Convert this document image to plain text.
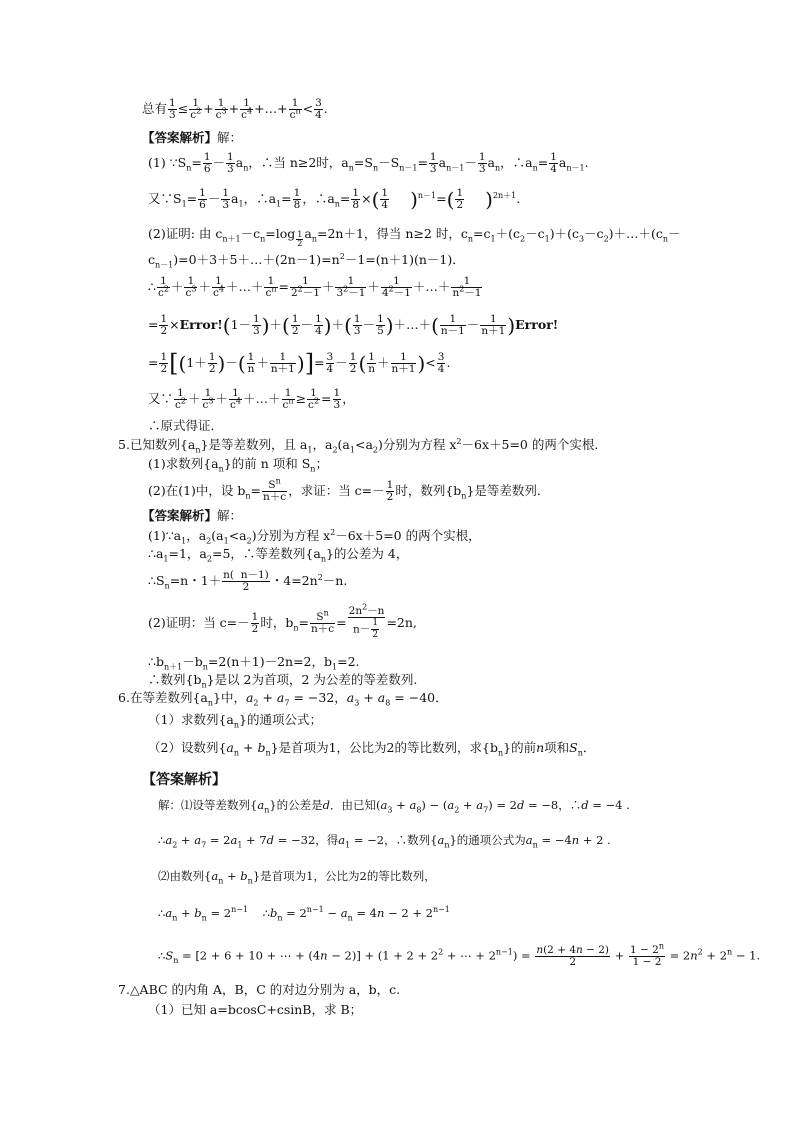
总有 $\frac{1}{3} \le \frac{1}{c^2} + \frac{1}{c^3} + \frac{1}{c^4}$ +…+ $\frac{1}{c^n} < \frac{3}{4}$ .
【答案解析】解：
(1) $\because S_n= \frac{1}{6} - \frac{1}{3} a_n$，∴当 n≥2时，$a_n=S_n-S_{n-1}= \frac{1}{3} a_{n-1}- \frac{1}{3} a_n$，$\therefore a_n= \frac{1}{4} a_{n-1}$.
又$\because S_1= \frac{1}{6} - \frac{1}{3} a_1$，$\therefore a_1= \frac{1}{8}$ ，$\therefore a_n= \frac{1}{8}$ ×( $\frac{1}{4} )^{n-1}=( \frac{1}{2} )^{2n+1}$.
(2)证明: 由 $c_{n+1}-c_n=\log$ $_{\frac{1}{2}}$ $a_n=2n+1$，得当 n≥2 时，$c_n=c_1+(c_2-c_1)+(c_3-c_2)+\dots+(c_n-$
$c_{n-1})=0+3+5+\dots+(2n-1)=n^2-1=(n+1)(n-1)$．
∴ $\frac{1}{c^2} + \frac{1}{c^3} + \frac{1}{c^4}$ ＋…＋ $\frac{1}{c^n} = \frac{1}{2^2-1} + \frac{1}{3^2-1} + \frac{1}{4^2-1}$ ＋…＋ $\frac{1}{n^2-1}$
= $\frac{1}{2}$ ×Error!(1－ $\frac{1}{3}$ )＋( $\frac{1}{2} - \frac{1}{4}$ )＋( $\frac{1}{3} - \frac{1}{5}$ )＋…＋( $\frac{1}{n-1} - \frac{1}{n+1}$ )Error!
= $\frac{1}{2} [(1+ \frac{1}{2}$ )－( $\frac{1}{n} + \frac{1}{n+1}$ )]= $\frac{3}{4} - \frac{1}{2}$ ( $\frac{1}{n} + \frac{1}{n+1}$ )< $\frac{3}{4}$ .
又∵ $\frac{1}{c^2} + \frac{1}{c^3} + \frac{1}{c^4}$ ＋…＋ $\frac{1}{c^n} \ge \frac{1}{c^2} = \frac{1}{3}$ ，
∴原式得证．
5.已知数列$\{a_n\}$是等差数列，且 $a_1$，$a_2(a_1<a_2)$分别为方程 $x^2-6x+5=0$ 的两个实根．
(1)求数列$\{a_n\}$的前 n 项和 $S_n$；
(2)在(1)中，设 $b_n= \frac{S^n}{n+c}$ ，求证：当 $c=- \frac{1}{2}$ 时，数列$\{b_n\}$是等差数列．
【答案解析】解：
$(1)\because a_1$，$a_2(a_1<a_2)$分别为方程 $x^2-6x+5=0$ 的两个实根，
$\therefore a_1=1$，$a_2=5$，∴等差数列$\{a_n\}$的公差为 4，
$\therefore S_n=n$・$1+ \frac{n( n-1)}{2}$ ・$4=2n^2-n$.
(2)证明：当 $c=- \frac{1}{2}$ 时，$b_n= \frac{S^n}{n+c} = \frac{2n^2-n}{n- \frac{1}{2}} =2n$,
$\therefore b_{n+1}-b_n=2(n+1)-2n=2$，$b_1=2$.
∴数列$\{b_n\}$是以 2为首项，2 为公差的等差数列.
6.在等差数列$\{a_n\}$中，$a_2 + a_7 = -32$，$a_3 + a_8 = -40$．
（1）求数列$\{a_n\}$的通项公式；
（2）设数列$\{a_n + b_n\}$是首项为1，公比为2的等比数列，求$\{b_n\}$的前n项和$S_n$．
【答案解析】
解：⑴设等差数列$\{a_n\}$的公差是d．由已知$(a_3 + a_8) - (a_2 + a_7) = 2d = -8$，∴d = −4 .
$\therefore a_2 + a_7 = 2a_1 + 7d = -32$，得$a_1 = -2$，∴数列$\{a_n\}$的通项公式为$a_n = -4n + 2$ .
⑵由数列$\{a_n + b_n\}$是首项为1，公比为2的等比数列，
$\therefore a_n + b_n = 2^{n-1}$ $\therefore b_n = 2^{n-1} - a_n = 4n - 2 + 2^{n-1}$
$\therefore S_n = [2 + 6 + 10$ + ⋯ + $(4n - 2)] + (1 + 2 + 2^2$ + ⋯ + $2^{n-1}) = \frac{n(2 + 4n - 2)}{2} + \frac{1 - 2^n}{1 - 2} = 2n^2 + 2^n - 1$.
7.△ABC 的内角 A，B，C 的对边分别为 a，b，c.
（1）已知 a=bcosC+csinB，求 B；
